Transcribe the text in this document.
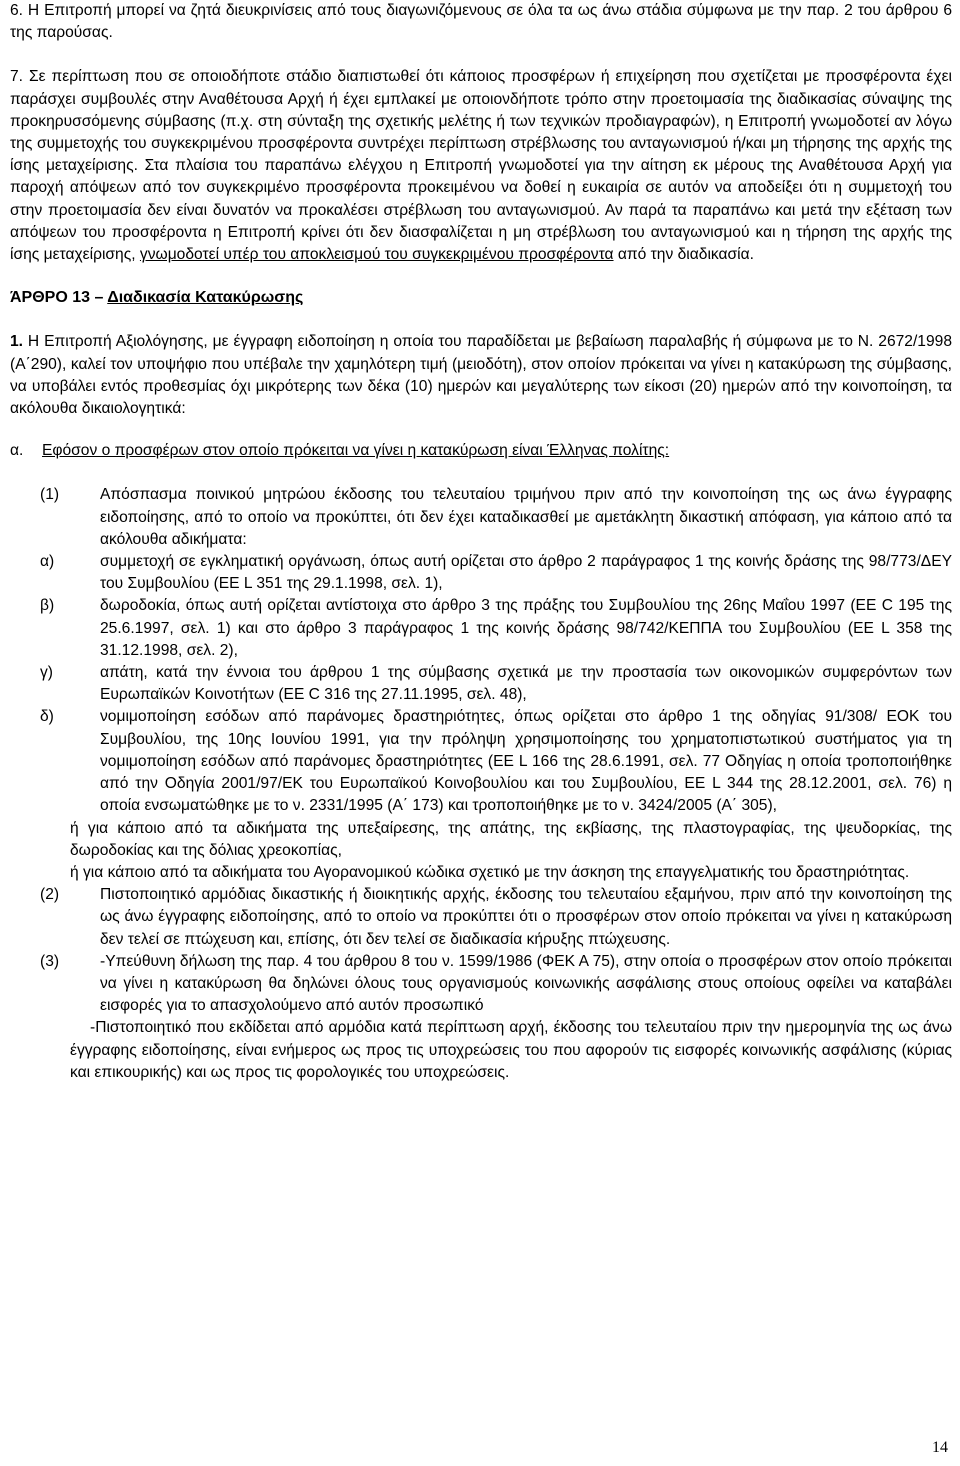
6. Η Επιτροπή μπορεί να ζητά διευκρινίσεις από τους διαγωνιζόμενους σε όλα τα ως άνω στάδια σύμφωνα με την παρ. 2 του άρθρου 6 της παρούσας.

7. Σε περίπτωση που σε οποιοδήποτε στάδιο διαπιστωθεί ότι κάποιος προσφέρων ή επιχείρηση που σχετίζεται με προσφέροντα έχει παράσχει συμβουλές στην Αναθέτουσα Αρχή ή έχει εμπλακεί με οποιονδήποτε τρόπο στην προετοιμασία της διαδικασίας σύναψης της προκηρυσσόμενης σύμβασης (π.χ. στη σύνταξη της σχετικής μελέτης ή των τεχνικών προδιαγραφών), η Επιτροπή γνωμοδοτεί αν λόγω της συμμετοχής του συγκεκριμένου προσφέροντα συντρέχει περίπτωση στρέβλωσης του ανταγωνισμού ή/και μη τήρησης της αρχής της ίσης μεταχείρισης. Στα πλαίσια του παραπάνω ελέγχου η Επιτροπή γνωμοδοτεί για την αίτηση εκ μέρους της Αναθέτουσα Αρχή για παροχή απόψεων από τον συγκεκριμένο προσφέροντα προκειμένου να δοθεί η ευκαιρία σε αυτόν να αποδείξει ότι η συμμετοχή του στην προετοιμασία δεν είναι δυνατόν να προκαλέσει στρέβλωση του ανταγωνισμού. Αν παρά τα παραπάνω και μετά την εξέταση των απόψεων του προσφέροντα η Επιτροπή κρίνει ότι δεν διασφαλίζεται η μη στρέβλωση του ανταγωνισμού και η τήρηση της αρχής της ίσης μεταχείρισης, γνωμοδοτεί υπέρ του αποκλεισμού του συγκεκριμένου προσφέροντα από την διαδικασία.

ΆΡΘΡΟ 13 – Διαδικασία Κατακύρωσης

1. Η Επιτροπή Αξιολόγησης, με έγγραφη ειδοποίηση η οποία του παραδίδεται με βεβαίωση παραλαβής ή σύμφωνα με το Ν. 2672/1998 (Α΄290), καλεί τον υποψήφιο που υπέβαλε την χαμηλότερη τιμή (μειοδότη), στον οποίον πρόκειται να γίνει η κατακύρωση της σύμβασης, να υποβάλει εντός προθεσμίας όχι μικρότερης των δέκα (10) ημερών και μεγαλύτερης των είκοσι (20) ημερών από την κοινοποίηση, τα ακόλουθα δικαιολογητικά:

α.	Εφόσον ο προσφέρων στον οποίο πρόκειται να γίνει η κατακύρωση είναι Έλληνας πολίτης:
(1)	Απόσπασμα ποινικού μητρώου έκδοσης του τελευταίου τριμήνου πριν από την κοινοποίηση της ως άνω έγγραφης ειδοποίησης, από το οποίο να προκύπτει, ότι δεν έχει καταδικασθεί με αμετάκλητη δικαστική απόφαση, για κάποιο από τα ακόλουθα αδικήματα:
α)	συμμετοχή σε εγκληματική οργάνωση, όπως αυτή ορίζεται στο άρθρο 2 παράγραφος 1 της κοινής δράσης της 98/773/ΔΕΥ του Συμβουλίου (ΕΕ L 351 της 29.1.1998, σελ. 1),
β)	δωροδοκία, όπως αυτή ορίζεται αντίστοιχα στο άρθρο 3 της πράξης του Συμβουλίου της 26ης Μαΐου 1997 (ΕΕ C 195 της 25.6.1997, σελ. 1) και στο άρθρο 3 παράγραφος 1 της κοινής δράσης 98/742/ΚΕΠΠΑ του Συμβουλίου (ΕΕ L 358 της 31.12.1998, σελ. 2),
γ)	απάτη, κατά την έννοια του άρθρου 1 της σύμβασης σχετικά με την προστασία των οικονομικών συμφερόντων των Ευρωπαϊκών Κοινοτήτων (ΕΕ C 316 της 27.11.1995, σελ. 48),
δ)	νομιμοποίηση εσόδων από παράνομες δραστηριότητες, όπως ορίζεται στο άρθρο 1 της οδηγίας 91/308/ ΕΟΚ του Συμβουλίου, της 10ης Ιουνίου 1991, για την πρόληψη χρησιμοποίησης του χρηματοπιστωτικού συστήματος για τη νομιμοποίηση εσόδων από παράνομες δραστηριότητες (ΕΕ L 166 της 28.6.1991, σελ. 77 Οδηγίας η οποία τροποποιήθηκε από την Οδηγία 2001/97/ΕΚ του Ευρωπαϊκού Κοινοβουλίου και του Συμβουλίου, ΕΕ L 344 της 28.12.2001, σελ. 76) η οποία ενσωματώθηκε με το ν. 2331/1995 (Α΄ 173) και τροποποιήθηκε με το ν. 3424/2005 (Α΄ 305),

ή για κάποιο από τα αδικήματα της υπεξαίρεσης, της απάτης, της εκβίασης, της πλαστογραφίας, της ψευδορκίας, της δωροδοκίας και της δόλιας χρεοκοπίας,

ή για κάποιο από τα αδικήματα του Αγορανομικού κώδικα σχετικό με την άσκηση της επαγγελματικής του δραστηριότητας.

(2)	Πιστοποιητικό αρμόδιας δικαστικής ή διοικητικής αρχής, έκδοσης του τελευταίου εξαμήνου, πριν από την κοινοποίηση της ως άνω έγγραφης ειδοποίησης, από το οποίο να προκύπτει ότι ο προσφέρων στον οποίο πρόκειται να γίνει η κατακύρωση δεν τελεί σε πτώχευση και, επίσης, ότι δεν τελεί σε διαδικασία κήρυξης πτώχευσης.
(3)	-Υπεύθυνη δήλωση της παρ. 4 του άρθρου 8 του ν. 1599/1986 (ΦΕΚ Α 75), στην οποία ο προσφέρων στον οποίο πρόκειται να γίνει η κατακύρωση θα δηλώνει όλους τους οργανισμούς κοινωνικής ασφάλισης στους οποίους οφείλει να καταβάλει εισφορές για το απασχολούμενο από αυτόν προσωπικό

-Πιστοποιητικό που εκδίδεται από αρμόδια κατά περίπτωση αρχή, έκδοσης του τελευταίου πριν την ημερομηνία της ως άνω έγγραφης ειδοποίησης, είναι ενήμερος ως προς τις υποχρεώσεις του που αφορούν τις εισφορές κοινωνικής ασφάλισης (κύριας και επικουρικής) και ως προς τις φορολογικές του υποχρεώσεις.

14
